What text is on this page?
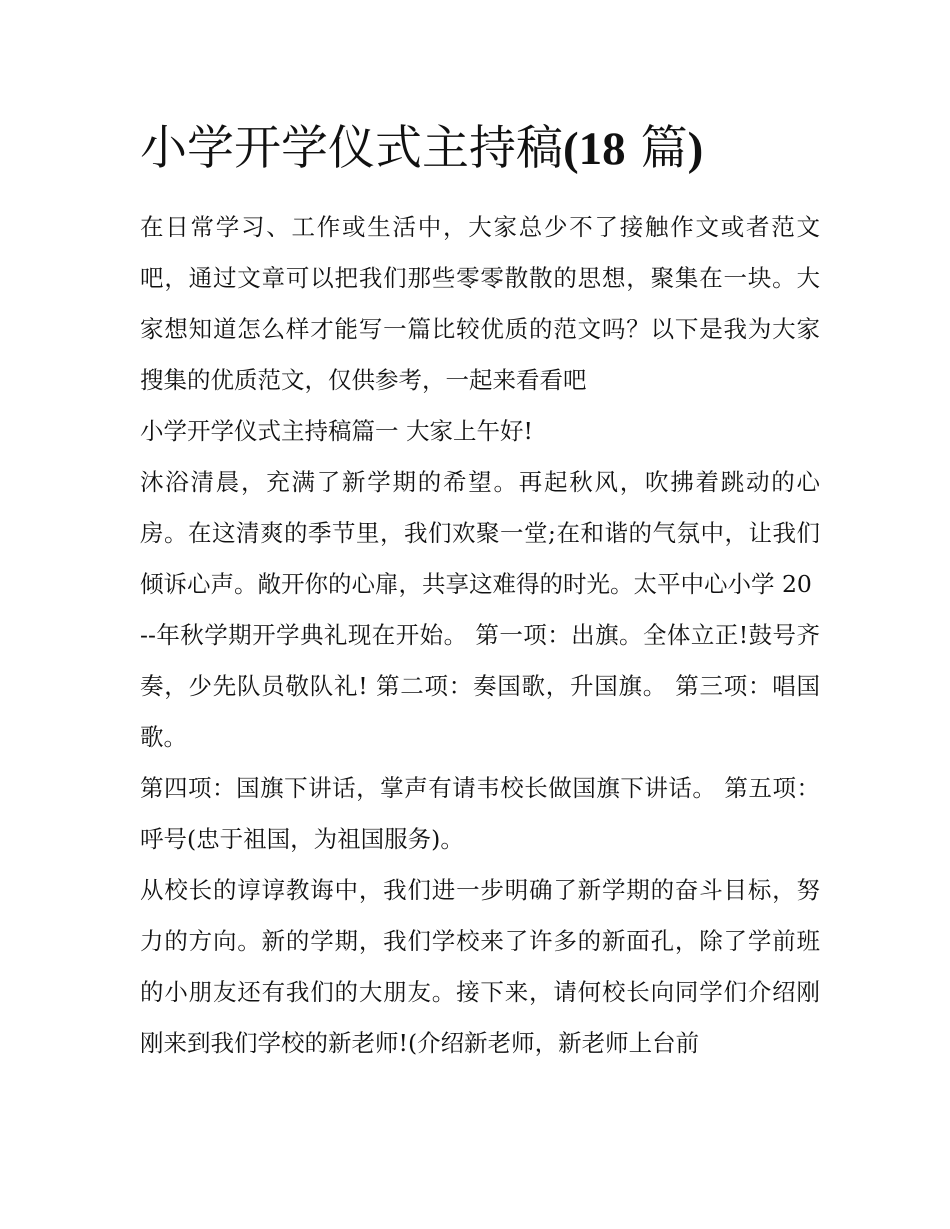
小学开学仪式主持稿(18 篇)

在日常学习、工作或生活中，大家总少不了接触作文或者范文吧，通过文章可以把我们那些零零散散的思想，聚集在一块。大家想知道怎么样才能写一篇比较优质的范文吗？以下是我为大家搜集的优质范文，仅供参考，一起来看看吧

小学开学仪式主持稿篇一 大家上午好!

沐浴清晨，充满了新学期的希望。再起秋风，吹拂着跳动的心房。在这清爽的季节里，我们欢聚一堂;在和谐的气氛中，让我们倾诉心声。敞开你的心扉，共享这难得的时光。太平中心小学 20

--年秋学期开学典礼现在开始。 第一项：出旗。全体立正!鼓号齐奏，少先队员敬队礼! 第二项：奏国歌，升国旗。 第三项：唱国歌。

第四项：国旗下讲话，掌声有请韦校长做国旗下讲话。 第五项：呼号(忠于祖国，为祖国服务)。

从校长的谆谆教诲中，我们进一步明确了新学期的奋斗目标，努力的方向。新的学期，我们学校来了许多的新面孔，除了学前班的小朋友还有我们的大朋友。接下来，请何校长向同学们介绍刚刚来到我们学校的新老师!(介绍新老师，新老师上台前
